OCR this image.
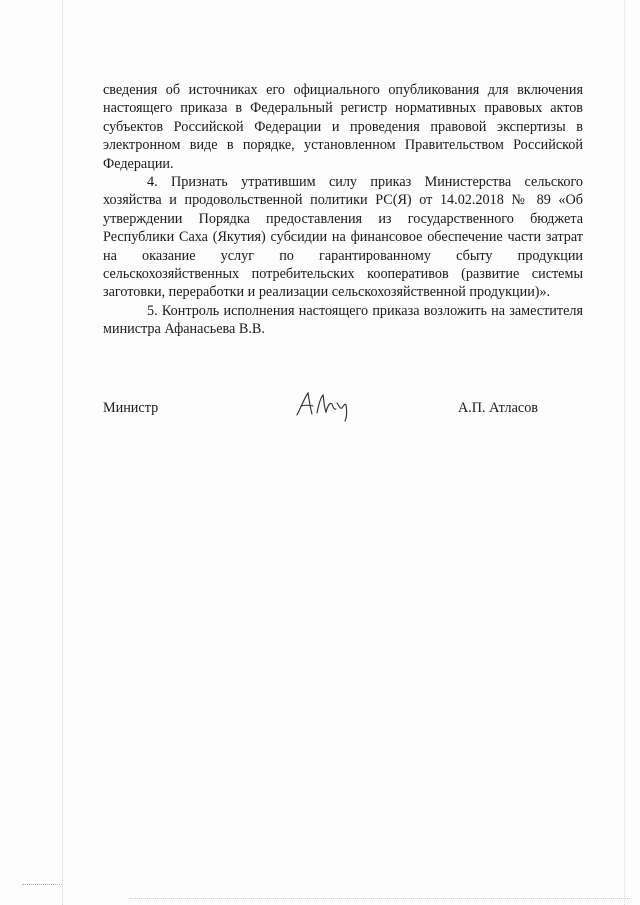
сведения об источниках его официального опубликования для включения
настоящего приказа в Федеральный регистр нормативных правовых актов
субъектов Российской Федерации и проведения правовой экспертизы в
электронном виде в порядке, установленном Правительством Российской
Федерации.
4. Признать утратившим силу приказ Министерства сельского
хозяйства и продовольственной политики РС(Я) от 14.02.2018 № 89 «Об
утверждении Порядка предоставления из государственного бюджета
Республики Саха (Якутия) субсидии на финансовое обеспечение части затрат
на оказание услуг по гарантированному сбыту продукции
сельскохозяйственных потребительских кооперативов (развитие системы
заготовки, переработки и реализации сельскохозяйственной продукции)».
5. Контроль исполнения настоящего приказа возложить на заместителя
министра Афанасьева В.В.
Министр	А.П. Атласов
